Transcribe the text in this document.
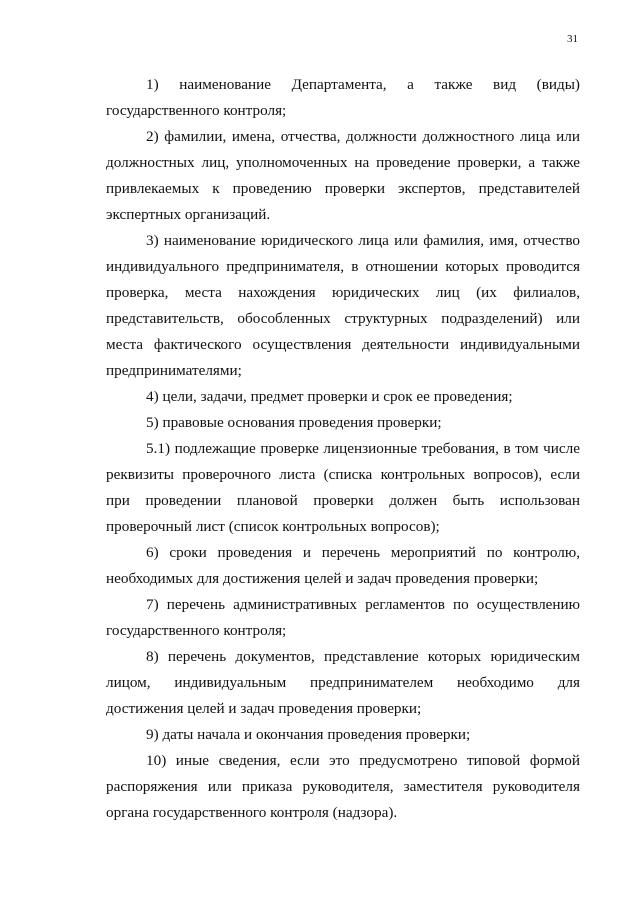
31

1) наименование Департамента, а также вид (виды) государственного контроля;

2) фамилии, имена, отчества, должности должностного лица или должностных лиц, уполномоченных на проведение проверки, а также привлекаемых к проведению проверки экспертов, представителей экспертных организаций.

3) наименование юридического лица или фамилия, имя, отчество индивидуального предпринимателя, в отношении которых проводится проверка, места нахождения юридических лиц (их филиалов, представительств, обособленных структурных подразделений) или места фактического осуществления деятельности индивидуальными предпринимателями;

4) цели, задачи, предмет проверки и срок ее проведения;

5) правовые основания проведения проверки;

5.1) подлежащие проверке лицензионные требования, в том числе реквизиты проверочного листа (списка контрольных вопросов), если при проведении плановой проверки должен быть использован проверочный лист (список контрольных вопросов);

6) сроки проведения и перечень мероприятий по контролю, необходимых для достижения целей и задач проведения проверки;

7) перечень административных регламентов по осуществлению государственного контроля;

8) перечень документов, представление которых юридическим лицом, индивидуальным предпринимателем необходимо для достижения целей и задач проведения проверки;

9) даты начала и окончания проведения проверки;

10) иные сведения, если это предусмотрено типовой формой распоряжения или приказа руководителя, заместителя руководителя органа государственного контроля (надзора).
